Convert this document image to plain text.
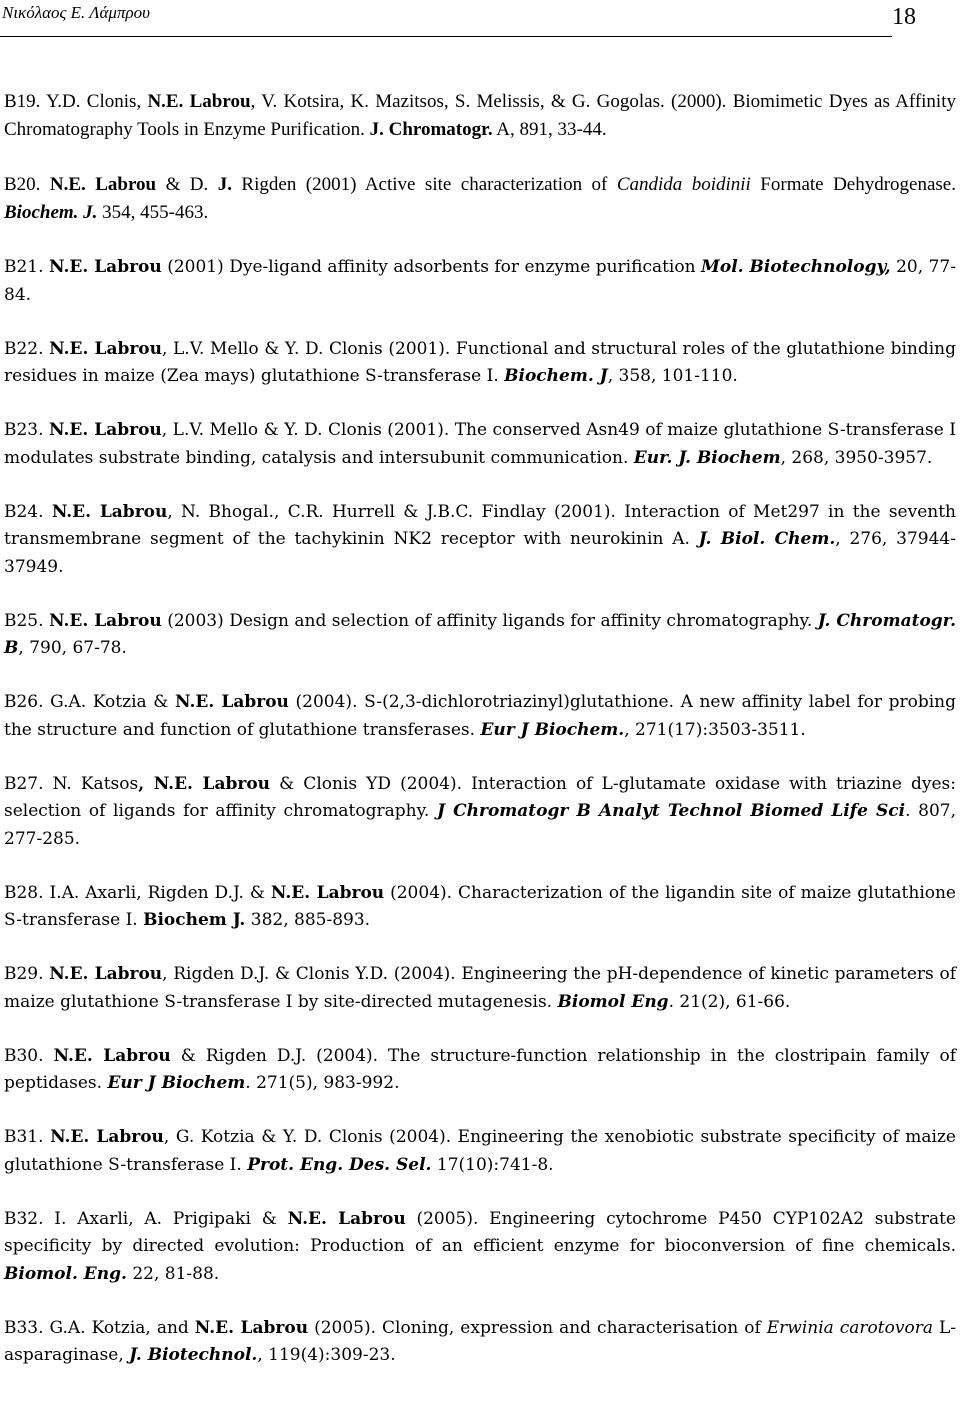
Νικόλαος Ε. Λάμπρου	18

B19. Y.D. Clonis, N.E. Labrou, V. Kotsira, K. Mazitsos, S. Melissis, & G. Gogolas. (2000). Biomimetic Dyes as Affinity Chromatography Tools in Enzyme Purification. J. Chromatogr. A, 891, 33-44.

B20. N.E. Labrou & D. J. Rigden (2001) Active site characterization of Candida boidinii Formate Dehydrogenase. Biochem. J. 354, 455-463.

B21. N.E. Labrou (2001) Dye-ligand affinity adsorbents for enzyme purification Mol. Biotechnology, 20, 77-84.

B22. N.E. Labrou, L.V. Mello & Y. D. Clonis (2001). Functional and structural roles of the glutathione binding residues in maize (Zea mays) glutathione S-transferase I. Biochem. J, 358, 101-110.

B23. N.E. Labrou, L.V. Mello & Y. D. Clonis (2001). The conserved Asn49 of maize glutathione S-transferase I modulates substrate binding, catalysis and intersubunit communication. Eur. J. Biochem, 268, 3950-3957.

B24. N.E. Labrou, N. Bhogal., C.R. Hurrell & J.B.C. Findlay (2001). Interaction of Met297 in the seventh transmembrane segment of the tachykinin NK2 receptor with neurokinin A. J. Biol. Chem., 276, 37944-37949.

B25. N.E. Labrou (2003) Design and selection of affinity ligands for affinity chromatography. J. Chromatogr. B, 790, 67-78.

B26. G.A. Kotzia & N.E. Labrou (2004). S-(2,3-dichlorotriazinyl)glutathione. A new affinity label for probing the structure and function of glutathione transferases. Eur J Biochem., 271(17):3503-3511.

B27. N. Katsos, N.E. Labrou & Clonis YD (2004). Interaction of L-glutamate oxidase with triazine dyes: selection of ligands for affinity chromatography. J Chromatogr B Analyt Technol Biomed Life Sci. 807, 277-285.

B28. I.A. Axarli, Rigden D.J. & N.E. Labrou (2004). Characterization of the ligandin site of maize glutathione S-transferase I. Biochem J. 382, 885-893.

B29. N.E. Labrou, Rigden D.J. & Clonis Y.D. (2004). Engineering the pH-dependence of kinetic parameters of maize glutathione S-transferase I by site-directed mutagenesis. Biomol Eng. 21(2), 61-66.

B30. N.E. Labrou & Rigden D.J. (2004). The structure-function relationship in the clostripain family of peptidases. Eur J Biochem. 271(5), 983-992.

B31. N.E. Labrou, G. Kotzia & Y. D. Clonis (2004). Engineering the xenobiotic substrate specificity of maize glutathione S-transferase I. Prot. Eng. Des. Sel. 17(10):741-8.

B32. I. Axarli, A. Prigipaki & N.E. Labrou (2005). Engineering cytochrome P450 CYP102A2 substrate specificity by directed evolution: Production of an efficient enzyme for bioconversion of fine chemicals. Biomol. Eng. 22, 81-88.

B33. G.A. Kotzia, and N.E. Labrou (2005). Cloning, expression and characterisation of Erwinia carotovora L-asparaginase, J. Biotechnol., 119(4):309-23.
